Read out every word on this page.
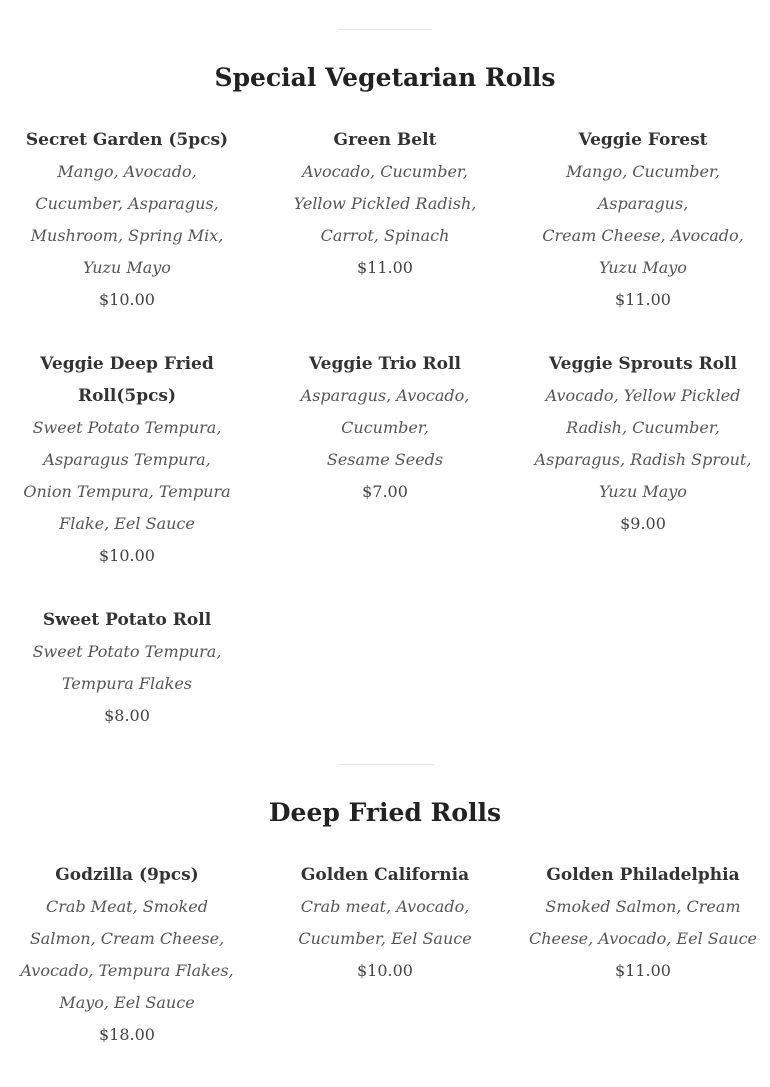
Special Vegetarian Rolls
Secret Garden (5pcs)
Mango, Avocado,
Cucumber, Asparagus,
Mushroom, Spring Mix,
Yuzu Mayo
$10.00
Green Belt
Avocado, Cucumber,
Yellow Pickled Radish,
Carrot, Spinach
$11.00
Veggie Forest
Mango, Cucumber,
Asparagus,
Cream Cheese, Avocado,
Yuzu Mayo
$11.00
Veggie Deep Fried
Roll(5pcs)
Sweet Potato Tempura,
Asparagus Tempura,
Onion Tempura, Tempura
Flake, Eel Sauce
$10.00
Veggie Trio Roll
Asparagus, Avocado,
Cucumber,
Sesame Seeds
$7.00
Veggie Sprouts Roll
Avocado, Yellow Pickled
Radish, Cucumber,
Asparagus, Radish Sprout,
Yuzu Mayo
$9.00
Sweet Potato Roll
Sweet Potato Tempura,
Tempura Flakes
$8.00
Deep Fried Rolls
Godzilla (9pcs)
Crab Meat, Smoked
Salmon, Cream Cheese,
Avocado, Tempura Flakes,
Mayo, Eel Sauce
$18.00
Golden California
Crab meat, Avocado,
Cucumber, Eel Sauce
$10.00
Golden Philadelphia
Smoked Salmon, Cream
Cheese, Avocado, Eel Sauce
$11.00
